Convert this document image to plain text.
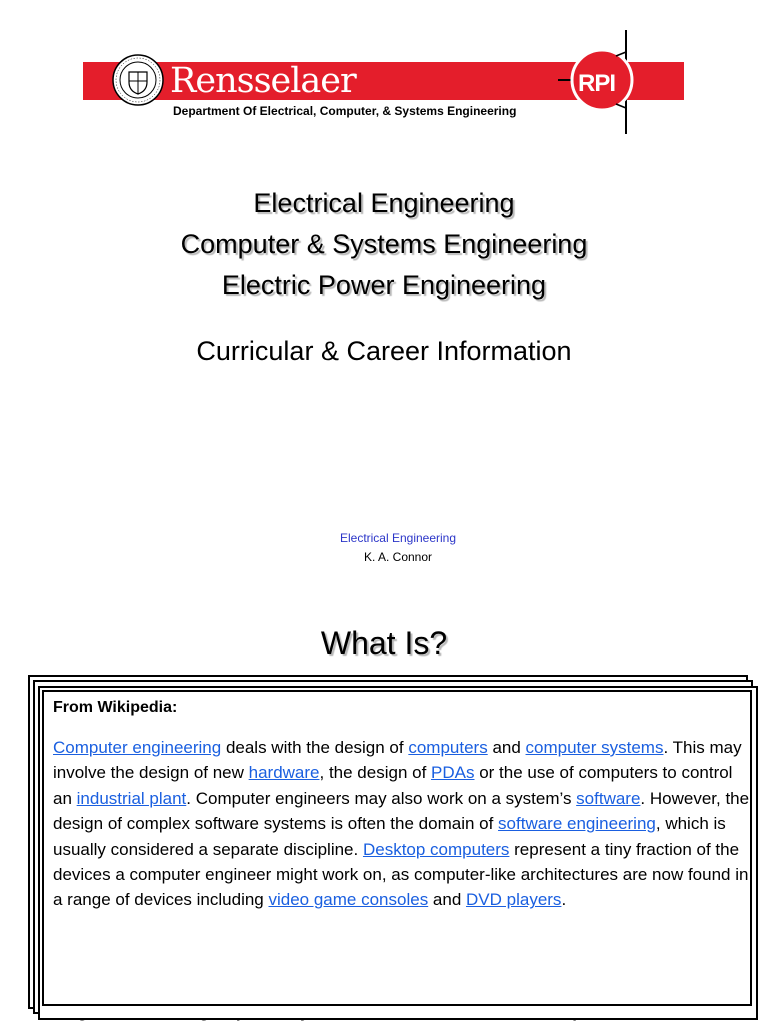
Rensselaer
Department Of Electrical, Computer, & Systems Engineering
RPI
Electrical Engineering
Computer & Systems Engineering
Electric Power Engineering
Curricular & Career Information
Electrical Engineering
K. A. Connor
What Is?
From Wikipedia:
Computer engineering deals with the design of computers and computer systems. This may involve the design of new hardware, the design of PDAs or the use of computers to control an industrial plant. Computer engineers may also work on a system’s software. However, the design of complex software systems is often the domain of software engineering, which is usually considered a separate discipline. Desktop computers represent a tiny fraction of the devices a computer engineer might work on, as computer-like architectures are now found in a range of devices including video game consoles and DVD players.
